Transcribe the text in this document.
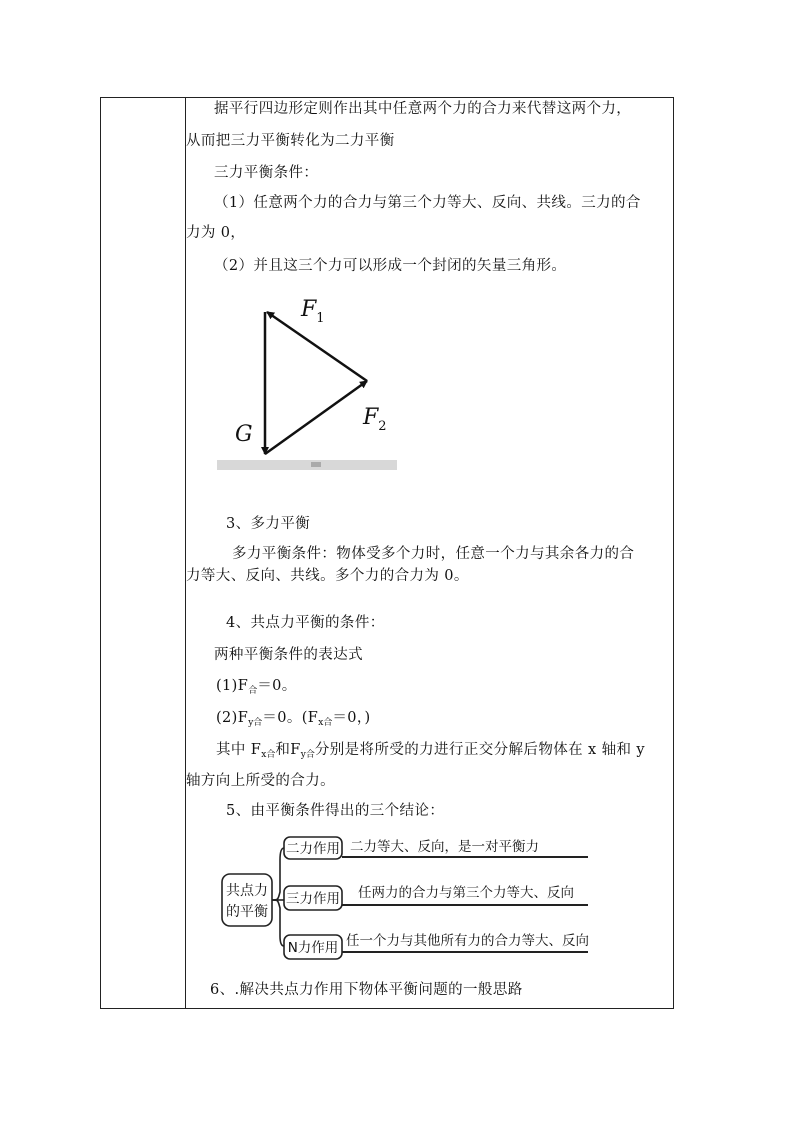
据平行四边形定则作出其中任意两个力的合力来代替这两个力，
从而把三力平衡转化为二力平衡
三力平衡条件：
（1）任意两个力的合力与第三个力等大、反向、共线。三力的合
力为 0，
（2）并且这三个力可以形成一个封闭的矢量三角形。
$F_1$
$F_2$
G
3、多力平衡
多力平衡条件：物体受多个力时，任意一个力与其余各力的合
力等大、反向、共线。多个力的合力为 0。
4、共点力平衡的条件：
两种平衡条件的表达式
$(1)F_合=0$。
$(2)F_{y合}=0$。($F_{x合}=0$，)
其中 $F_{x合}$和$F_{y合}$分别是将所受的力进行正交分解后物体在 x 轴和 y
轴方向上所受的合力。
5、由平衡条件得出的三个结论：
共点力
的平衡
二力作用 二力等大、反向，是一对平衡力
三力作用 任两力的合力与第三个力等大、反向
N力作用 任一个力与其他所有力的合力等大、反向
6、.解决共点力作用下物体平衡问题的一般思路
